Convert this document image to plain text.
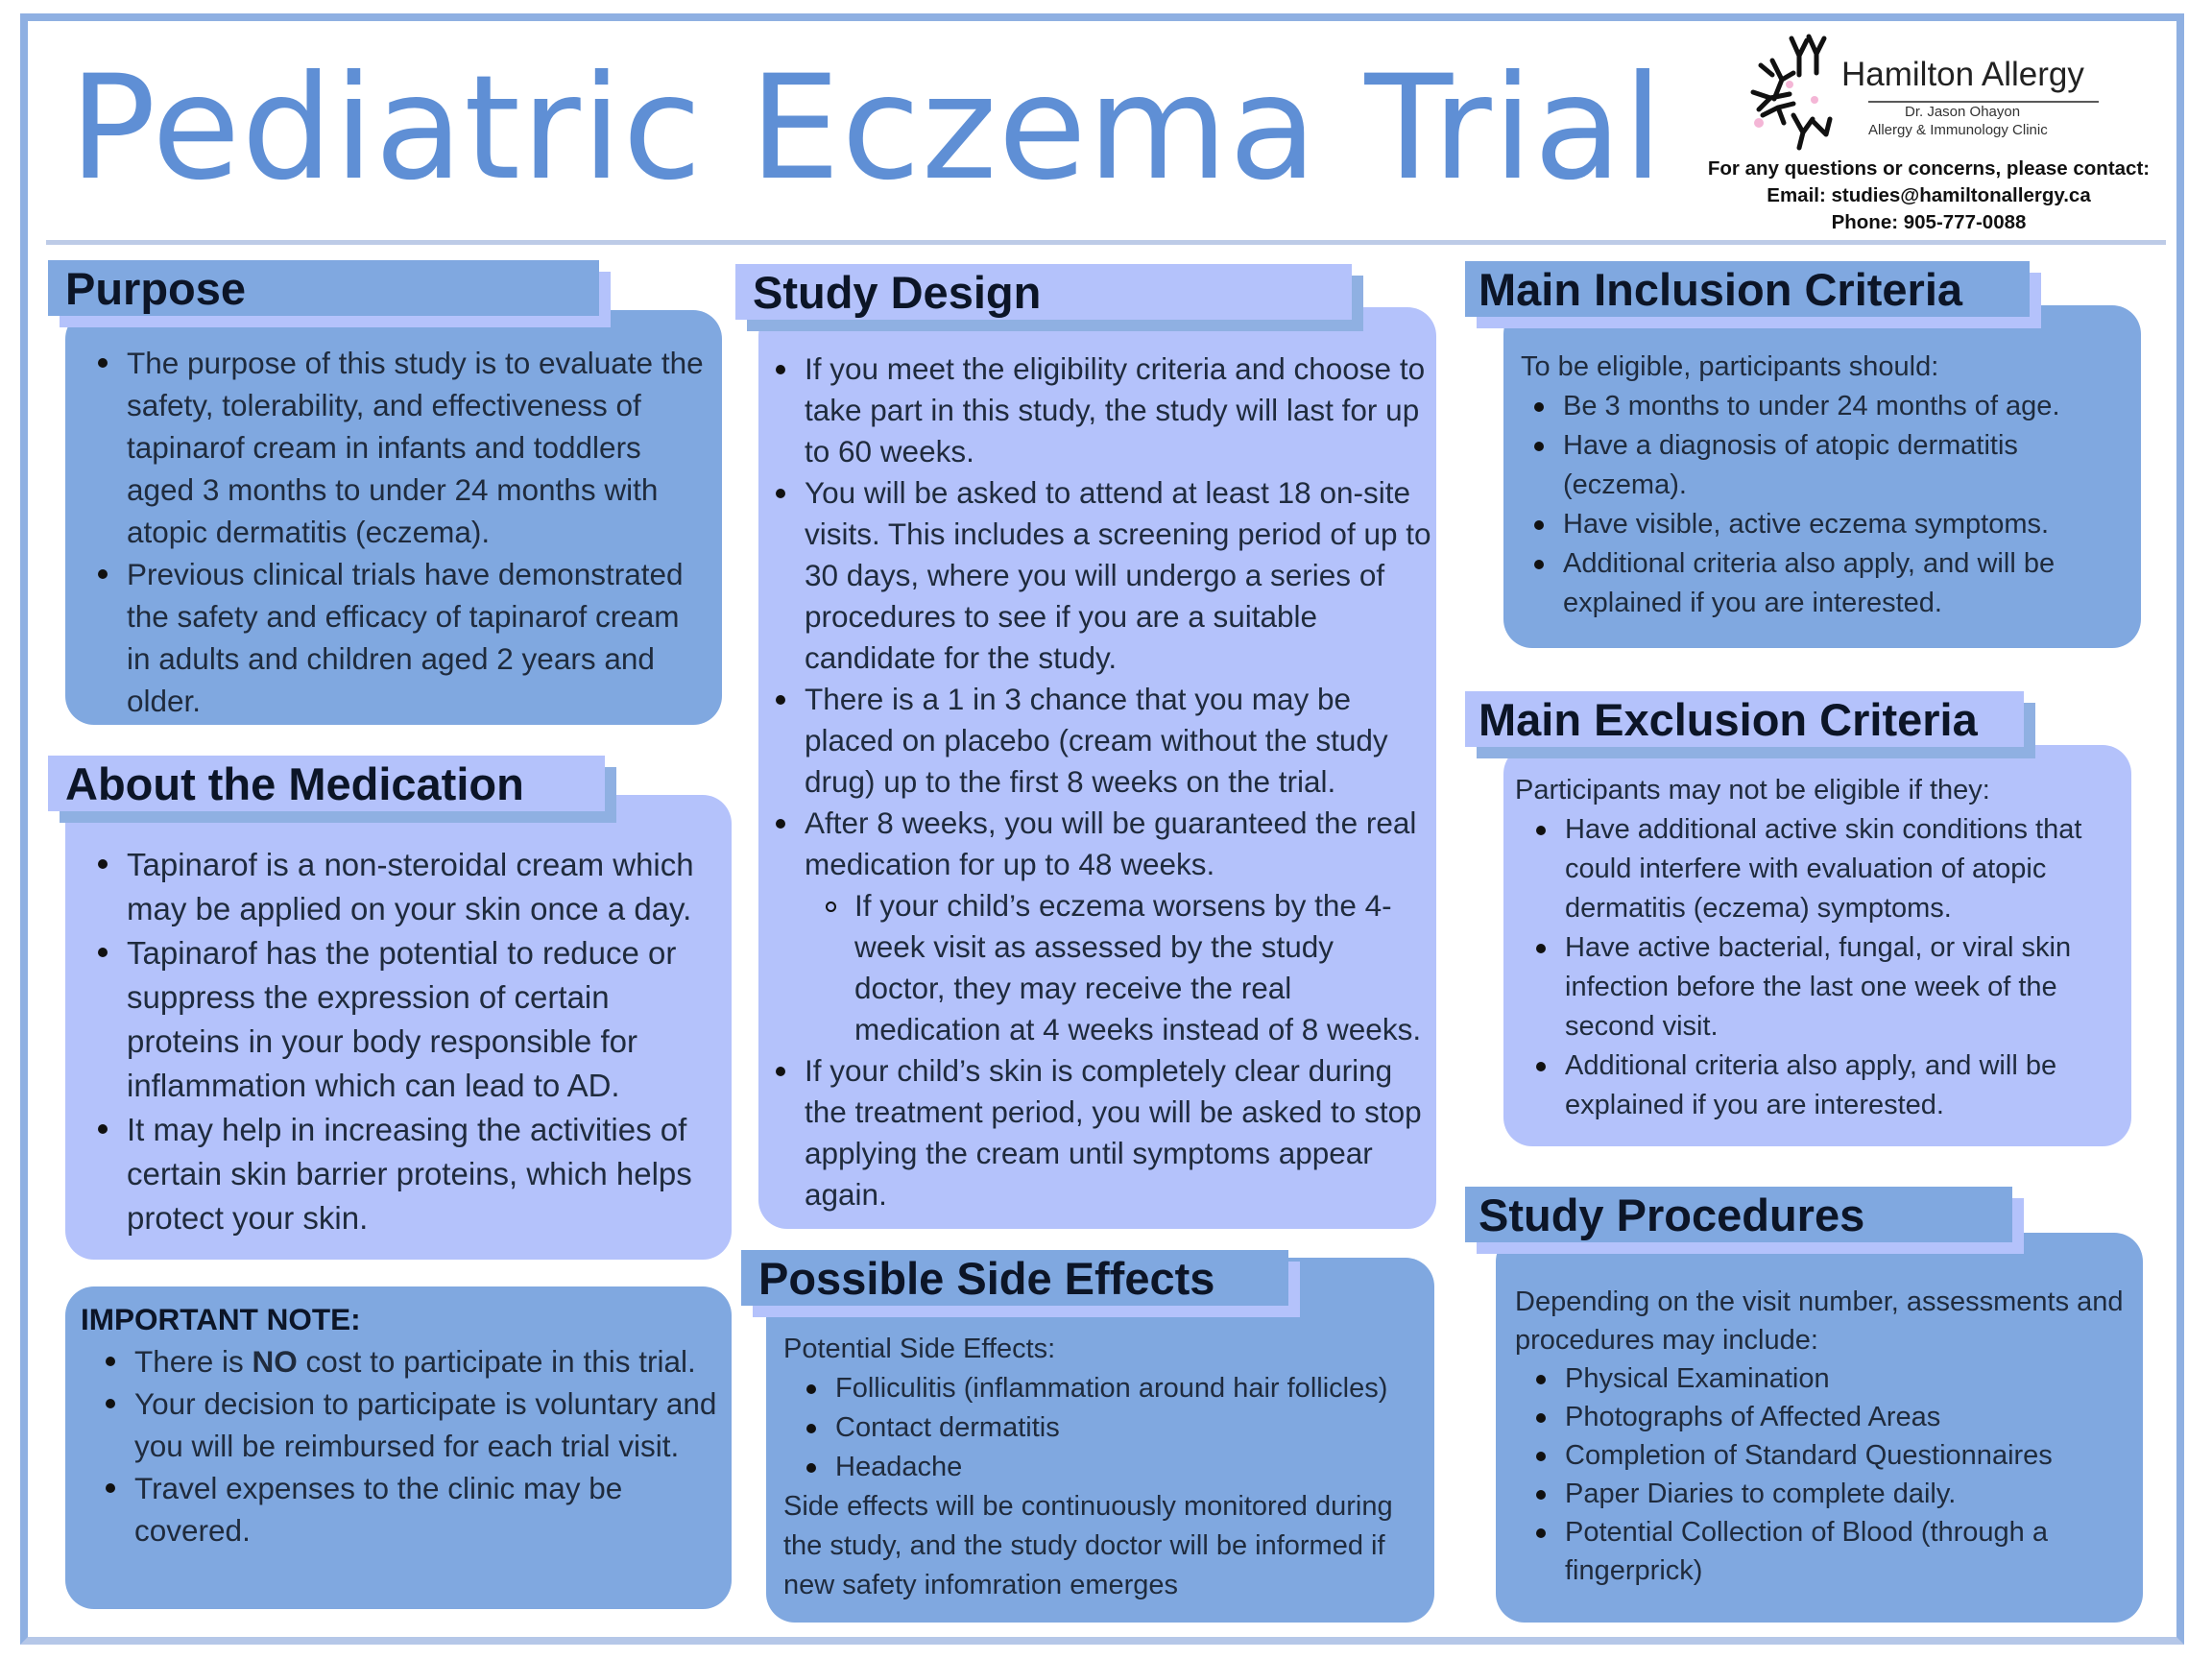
Pediatric Eczema Trial	Hamilton Allergy
Dr. Jason Ohayon
Allergy & Immunology Clinic
For any questions or concerns, please contact:
Email: studies@hamiltonallergy.ca
Phone: 905-777-0088
Purpose
The purpose of this study is to evaluate the safety, tolerability, and effectiveness of tapinarof cream in infants and toddlers aged 3 months to under 24 months with atopic dermatitis (eczema).
Previous clinical trials have demonstrated the safety and efficacy of tapinarof cream in adults and children aged 2 years and older.
About the Medication
Tapinarof is a non-steroidal cream which may be applied on your skin once a day.
Tapinarof has the potential to reduce or suppress the expression of certain proteins in your body responsible for inflammation which can lead to AD.
It may help in increasing the activities of certain skin barrier proteins, which helps protect your skin.
IMPORTANT NOTE:
There is NO cost to participate in this trial.
Your decision to participate is voluntary and you will be reimbursed for each trial visit.
Travel expenses to the clinic may be covered.
Study Design
If you meet the eligibility criteria and choose to take part in this study, the study will last for up to 60 weeks.
You will be asked to attend at least 18 on-site visits. This includes a screening period of up to 30 days, where you will undergo a series of procedures to see if you are a suitable candidate for the study.
There is a 1 in 3 chance that you may be placed on placebo (cream without the study drug) up to the first 8 weeks on the trial.
After 8 weeks, you will be guaranteed the real medication for up to 48 weeks.
If your child’s eczema worsens by the 4-week visit as assessed by the study doctor, they may receive the real medication at 4 weeks instead of 8 weeks.
If your child’s skin is completely clear during the treatment period, you will be asked to stop applying the cream until symptoms appear again.
Possible Side Effects
Potential Side Effects:
Folliculitis (inflammation around hair follicles)
Contact dermatitis
Headache
Side effects will be continuously monitored during the study, and the study doctor will be informed if new safety infomration emerges
Main Inclusion Criteria
To be eligible, participants should:
Be 3 months to under 24 months of age.
Have a diagnosis of atopic dermatitis (eczema).
Have visible, active eczema symptoms.
Additional criteria also apply, and will be explained if you are interested.
Main Exclusion Criteria
Participants may not be eligible if they:
Have additional active skin conditions that could interfere with evaluation of atopic dermatitis (eczema) symptoms.
Have active bacterial, fungal, or viral skin infection before the last one week of the second visit.
Additional criteria also apply, and will be explained if you are interested.
Study Procedures
Depending on the visit number, assessments and procedures may include:
Physical Examination
Photographs of Affected Areas
Completion of Standard Questionnaires
Paper Diaries to complete daily.
Potential Collection of Blood (through a fingerprick)
